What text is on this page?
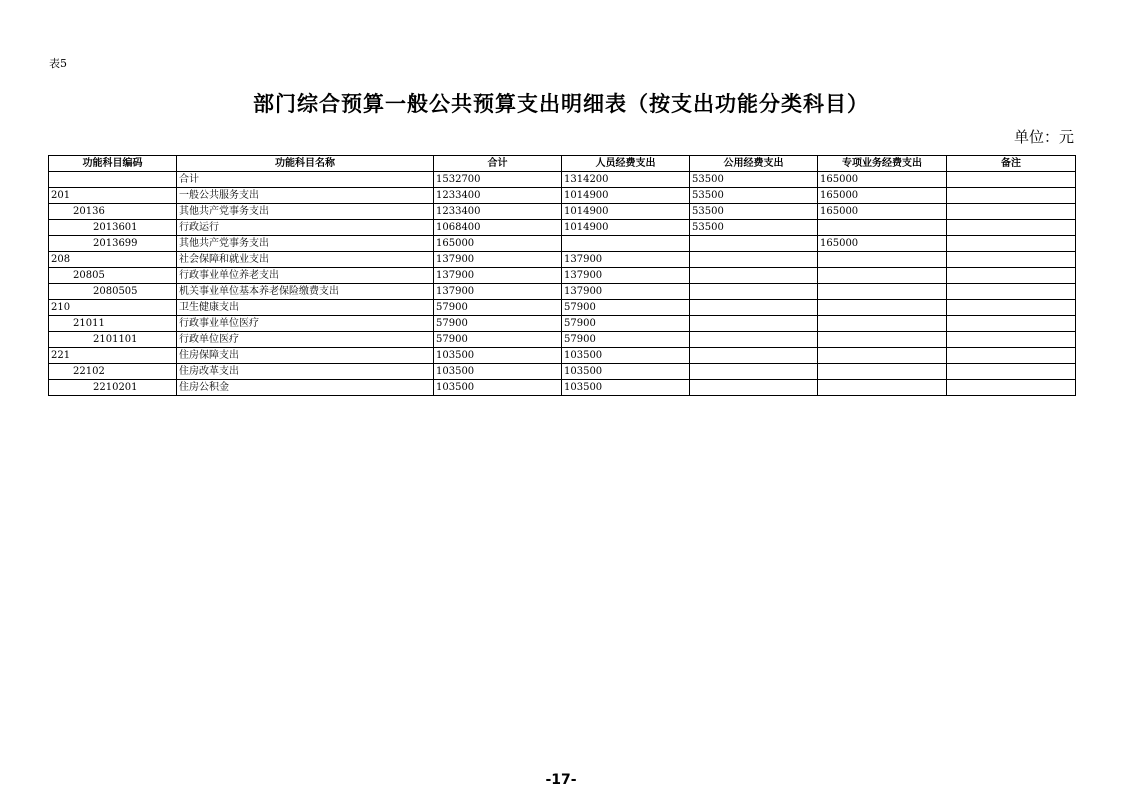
表5
部门综合预算一般公共预算支出明细表（按支出功能分类科目）
单位：元
功能科目编码	功能科目名称	合计	人员经费支出	公用经费支出	专项业务经费支出	备注
	合计	1532700	1314200	53500	165000	
201	一般公共服务支出	1233400	1014900	53500	165000	
20136	其他共产党事务支出	1233400	1014900	53500	165000	
2013601	行政运行	1068400	1014900	53500		
2013699	其他共产党事务支出	165000			165000	
208	社会保障和就业支出	137900	137900			
20805	行政事业单位养老支出	137900	137900			
2080505	机关事业单位基本养老保险缴费支出	137900	137900			
210	卫生健康支出	57900	57900			
21011	行政事业单位医疗	57900	57900			
2101101	行政单位医疗	57900	57900			
221	住房保障支出	103500	103500			
22102	住房改革支出	103500	103500			
2210201	住房公积金	103500	103500			
-17-
